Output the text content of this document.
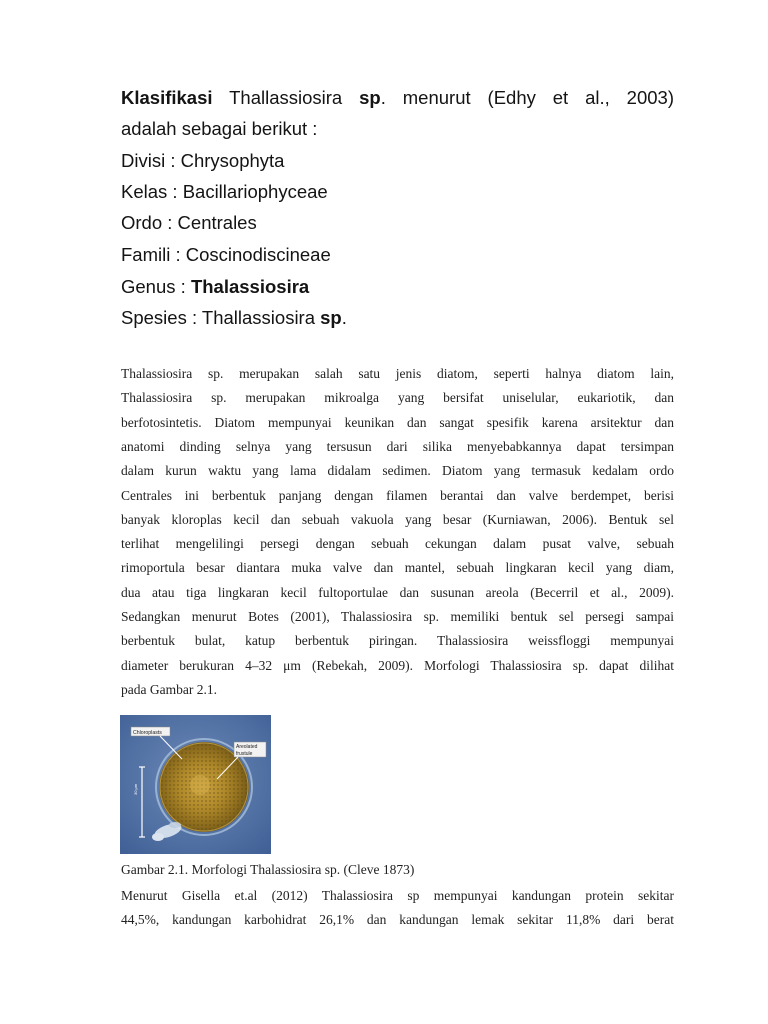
Klasifikasi Thallassiosira sp. menurut (Edhy et al., 2003)
adalah sebagai berikut :
Divisi : Chrysophyta
Kelas : Bacillariophyceae
Ordo : Centrales
Famili : Coscinodiscineae
Genus : Thalassiosira
Spesies : Thallassiosira sp.
Thalassiosira sp. merupakan salah satu jenis diatom, seperti halnya diatom lain,
Thalassiosira sp. merupakan mikroalga yang bersifat uniselular, eukariotik, dan
berfotosintetis. Diatom mempunyai keunikan dan sangat spesifik karena arsitektur dan
anatomi dinding selnya yang tersusun dari silika menyebabkannya dapat tersimpan
dalam kurun waktu yang lama didalam sedimen. Diatom yang termasuk kedalam ordo
Centrales ini berbentuk panjang dengan filamen berantai dan valve berdempet, berisi
banyak kloroplas kecil dan sebuah vakuola yang besar (Kurniawan, 2006). Bentuk sel
terlihat mengelilingi persegi dengan sebuah cekungan dalam pusat valve, sebuah
rimoportula besar diantara muka valve dan mantel, sebuah lingkaran kecil yang diam,
dua atau tiga lingkaran kecil fultoportulae dan susunan areola (Becerril et al., 2009).
Sedangkan menurut Botes (2001), Thalassiosira sp. memiliki bentuk sel persegi sampai
berbentuk bulat, katup berbentuk piringan. Thalassiosira weissfloggi mempunyai
diameter berukuran 4–32 μm (Rebekah, 2009). Morfologi Thalassiosira sp. dapat dilihat
pada Gambar 2.1.
30 μm
Chloroplasts
Areolated
frustule
Gambar 2.1. Morfologi Thalassiosira sp. (Cleve 1873)
Menurut Gisella et.al (2012) Thalassiosira sp mempunyai kandungan protein sekitar
44,5%, kandungan karbohidrat 26,1% dan kandungan lemak sekitar 11,8% dari berat
